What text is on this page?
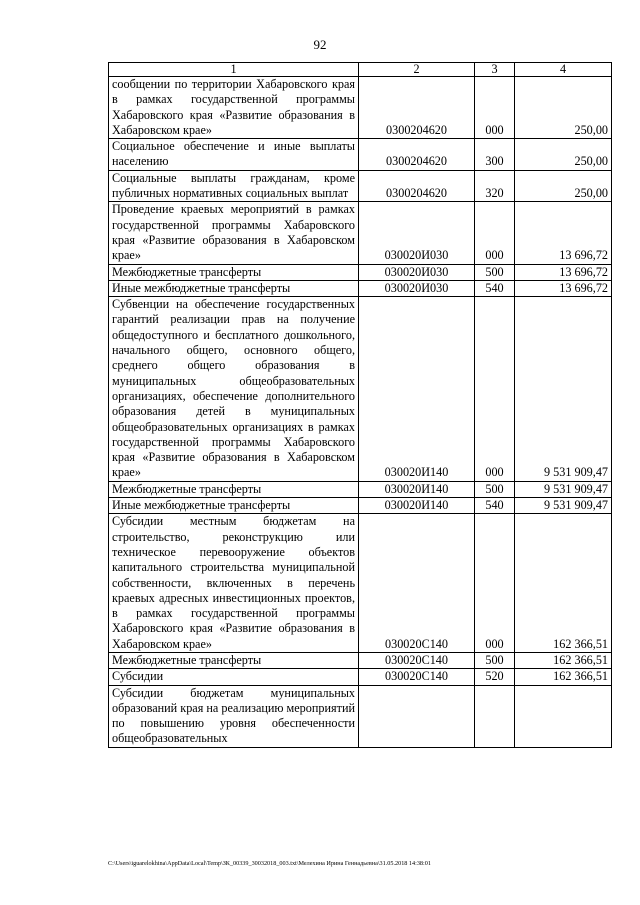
92
1	2	3	4
сообщении по территории Хабаровского края в рамках государственной программы Хабаровского края «Развитие образования в Хабаровском крае»	0300204620	000	250,00
Социальное обеспечение и иные выплаты населению	0300204620	300	250,00
Социальные выплаты гражданам, кроме публичных нормативных социальных выплат	0300204620	320	250,00
Проведение краевых мероприятий в рамках государственной программы Хабаровского края «Развитие образования в Хабаровском крае»	030020И030	000	13 696,72
Межбюджетные трансферты	030020И030	500	13 696,72
Иные межбюджетные трансферты	030020И030	540	13 696,72
Субвенции на обеспечение государственных гарантий реализации прав на получение общедоступного и бесплатного дошкольного, начального общего, основного общего, среднего общего образования в муниципальных общеобразовательных организациях, обеспечение дополнительного образования детей в муниципальных общеобразовательных организациях в рамках государственной программы Хабаровского края «Развитие образования в Хабаровском крае»	030020И140	000	9 531 909,47
Межбюджетные трансферты	030020И140	500	9 531 909,47
Иные межбюджетные трансферты	030020И140	540	9 531 909,47
Субсидии местным бюджетам на строительство, реконструкцию или техническое перевооружение объектов капитального строительства муниципальной собственности, включенных в перечень краевых адресных инвестиционных проектов, в рамках государственной программы Хабаровского края «Развитие образования в Хабаровском крае»	030020С140	000	162 366,51
Межбюджетные трансферты	030020С140	500	162 366,51
Субсидии	030020С140	520	162 366,51
Субсидии бюджетам муниципальных образований края на реализацию мероприятий по повышению уровня обеспеченности общеобразовательных			
C:\Users\iguarelokhina\AppData\Local\Temp\ЗК_00339_30032018_003.txt\Мелехина Ирина Геннадьевна\31.05.2018 14:38:01
